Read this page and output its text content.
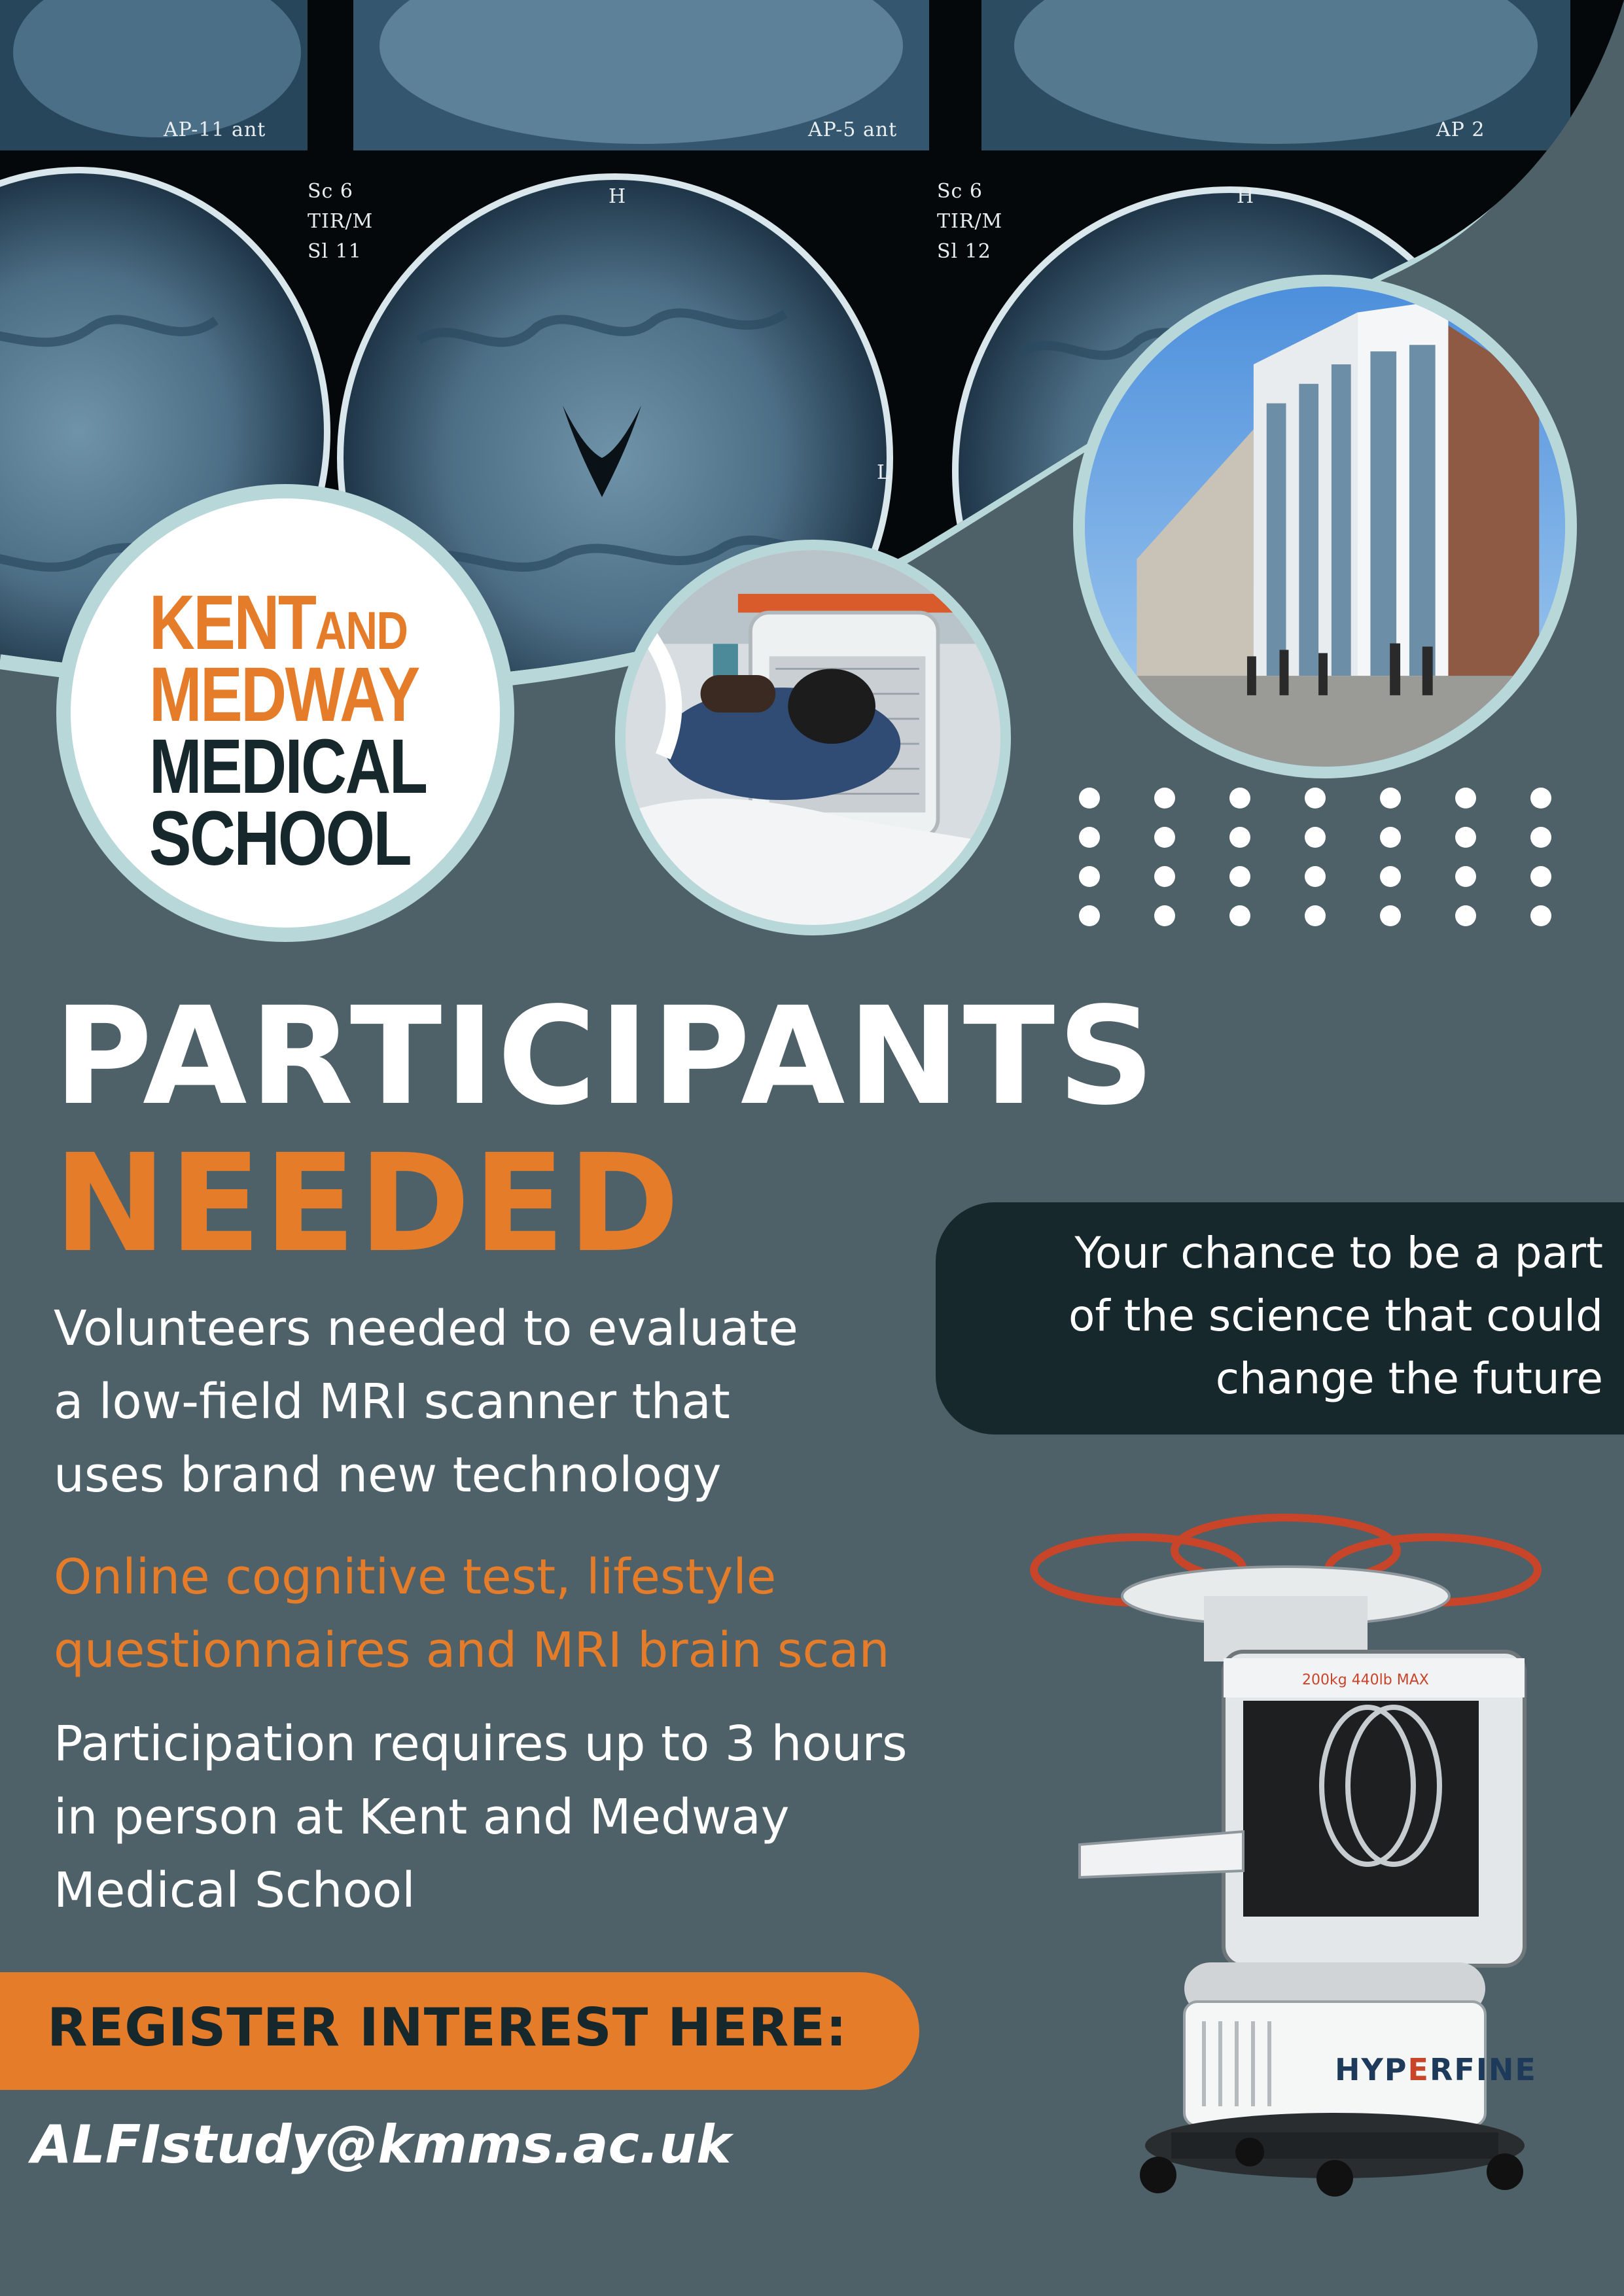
AP-11 ant	AP-5 ant	AP 2
Sc 6
TIR/M
Sl 11
Sc 6
TIR/M
Sl 12
H	H
L
KENTAND
MEDWAY
MEDICAL
SCHOOL
PARTICIPANTS
NEEDED	Your chance to be a part
of the science that could
change the future
Volunteers needed to evaluate
a low-field MRI scanner that
uses brand new technology
Online cognitive test, lifestyle
questionnaires and MRI brain scan
Participation requires up to 3 hours
in person at Kent and Medway
Medical School
200kg 440lb MAX
HYPERFINE
REGISTER INTEREST HERE:
ALFIstudy@kmms.ac.uk
